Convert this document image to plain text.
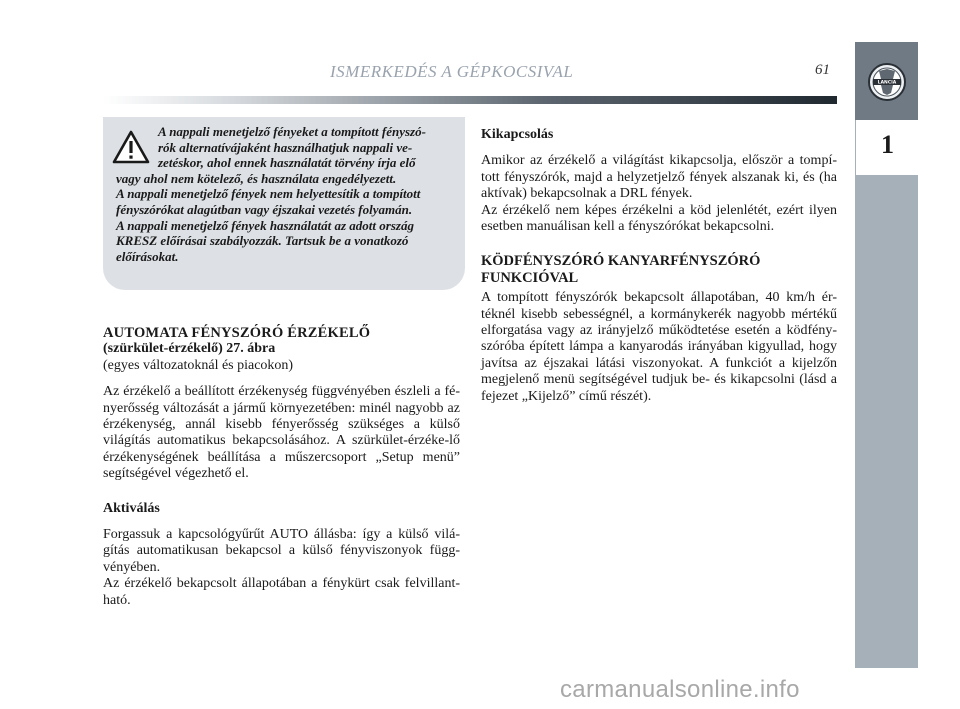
ISMERKEDÉS A GÉPKOCSIVAL	61
LANCIA
1
A nappali menetjelző fényeket a tompított fényszó-
rók alternatívájaként használhatjuk nappali ve-
zetéskor, ahol ennek használatát törvény írja elő
vagy ahol nem kötelező, és használata engedélyezett.
A nappali menetjelző fények nem helyettesítik a tompított
fényszórókat alagútban vagy éjszakai vezetés folyamán.
A nappali menetjelző fények használatát az adott ország
KRESZ előírásai szabályozzák. Tartsuk be a vonatkozó
előírásokat.
AUTOMATA FÉNYSZÓRÓ ÉRZÉKELŐ
(szürkület-érzékelő) 27. ábra

(egyes változatoknál és piacokon)

Az érzékelő a beállított érzékenység függvényében észleli a fé-nyerősség változását a jármű környezetében: minél nagyobb az érzékenység, annál kisebb fényerősség szükséges a külső világítás automatikus bekapcsolásához. A szürkület-érzéke-lő érzékenységének beállítása a műszercsoport „Setup menü” segítségével végezhető el.

Aktiválás

Forgassuk a kapcsológyűrűt AUTO állásba: így a külső vilá-gítás automatikusan bekapcsol a külső fényviszonyok függ-vényében.

Az érzékelő bekapcsolt állapotában a fénykürt csak felvillant-ható.

Kikapcsolás

Amikor az érzékelő a világítást kikapcsolja, először a tompí-tott fényszórók, majd a helyzetjelző fények alszanak ki, és (ha aktívak) bekapcsolnak a DRL fények.

Az érzékelő nem képes érzékelni a köd jelenlétét, ezért ilyen esetben manuálisan kell a fényszórókat bekapcsolni.

KÖDFÉNYSZÓRÓ KANYARFÉNYSZÓRÓ
FUNKCIÓVAL

A tompított fényszórók bekapcsolt állapotában, 40 km/h ér-téknél kisebb sebességnél, a kormánykerék nagyobb mértékű elforgatása vagy az irányjelző működtetése esetén a ködfény-szóróba épített lámpa a kanyarodás irányában kigyullad, hogy javítsa az éjszakai látási viszonyokat. A funkciót a kijelzőn megjelenő menü segítségével tudjuk be- és kikapcsolni (lásd a fejezet „Kijelző” című részét).

carmanualsonline.info
